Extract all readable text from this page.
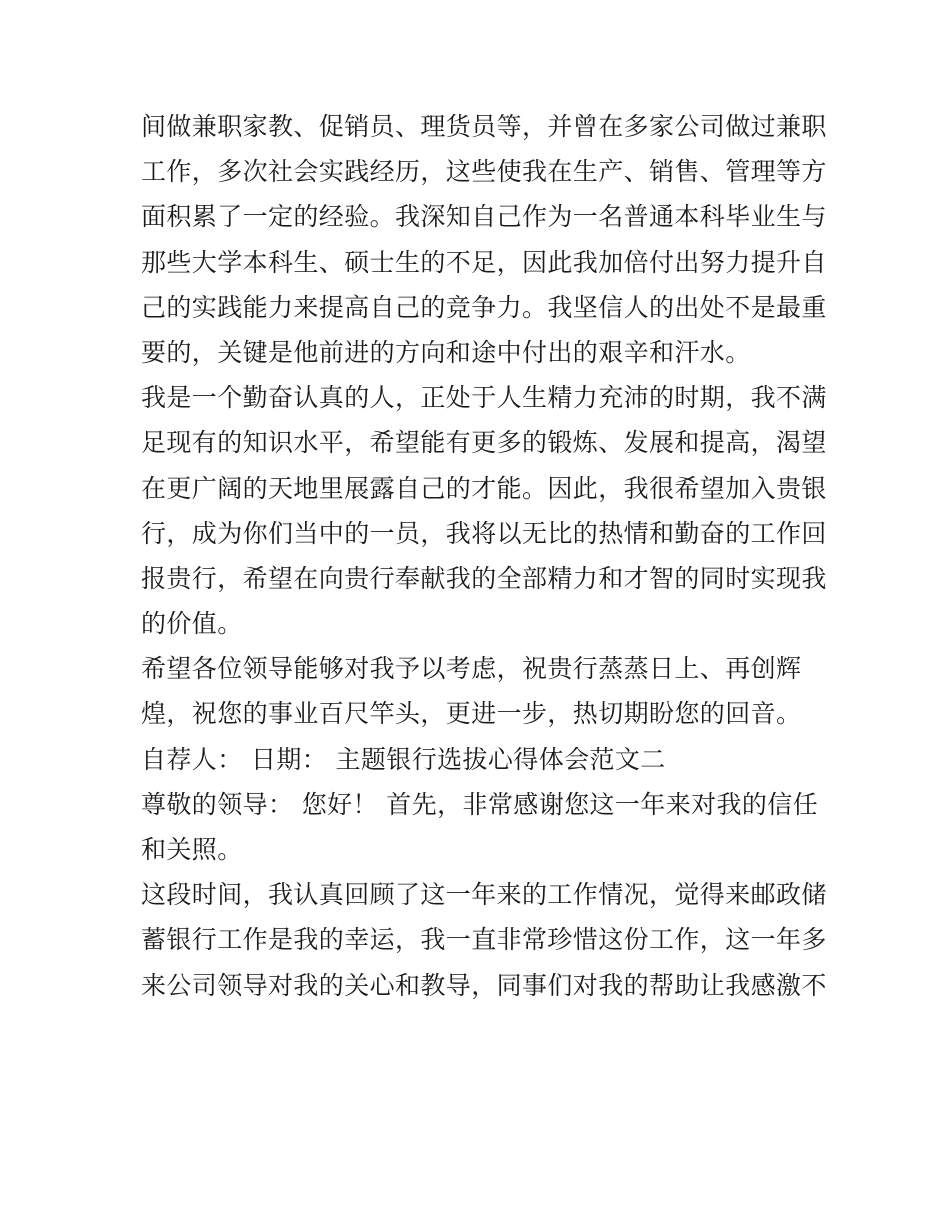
间做兼职家教、促销员、理货员等，并曾在多家公司做过兼职
工作，多次社会实践经历，这些使我在生产、销售、管理等方
面积累了一定的经验。我深知自己作为一名普通本科毕业生与
那些大学本科生、硕士生的不足，因此我加倍付出努力提升自
己的实践能力来提高自己的竞争力。我坚信人的出处不是最重
要的，关键是他前进的方向和途中付出的艰辛和汗水。
我是一个勤奋认真的人，正处于人生精力充沛的时期，我不满
足现有的知识水平，希望能有更多的锻炼、发展和提高，渴望
在更广阔的天地里展露自己的才能。因此，我很希望加入贵银
行，成为你们当中的一员，我将以无比的热情和勤奋的工作回
报贵行，希望在向贵行奉献我的全部精力和才智的同时实现我
的价值。
希望各位领导能够对我予以考虑，祝贵行蒸蒸日上、再创辉
煌，祝您的事业百尺竿头，更进一步，热切期盼您的回音。
自荐人： 日期： 主题银行选拔心得体会范文二
尊敬的领导： 您好！ 首先，非常感谢您这一年来对我的信任
和关照。
这段时间，我认真回顾了这一年来的工作情况，觉得来邮政储
蓄银行工作是我的幸运，我一直非常珍惜这份工作，这一年多
来公司领导对我的关心和教导，同事们对我的帮助让我感激不
